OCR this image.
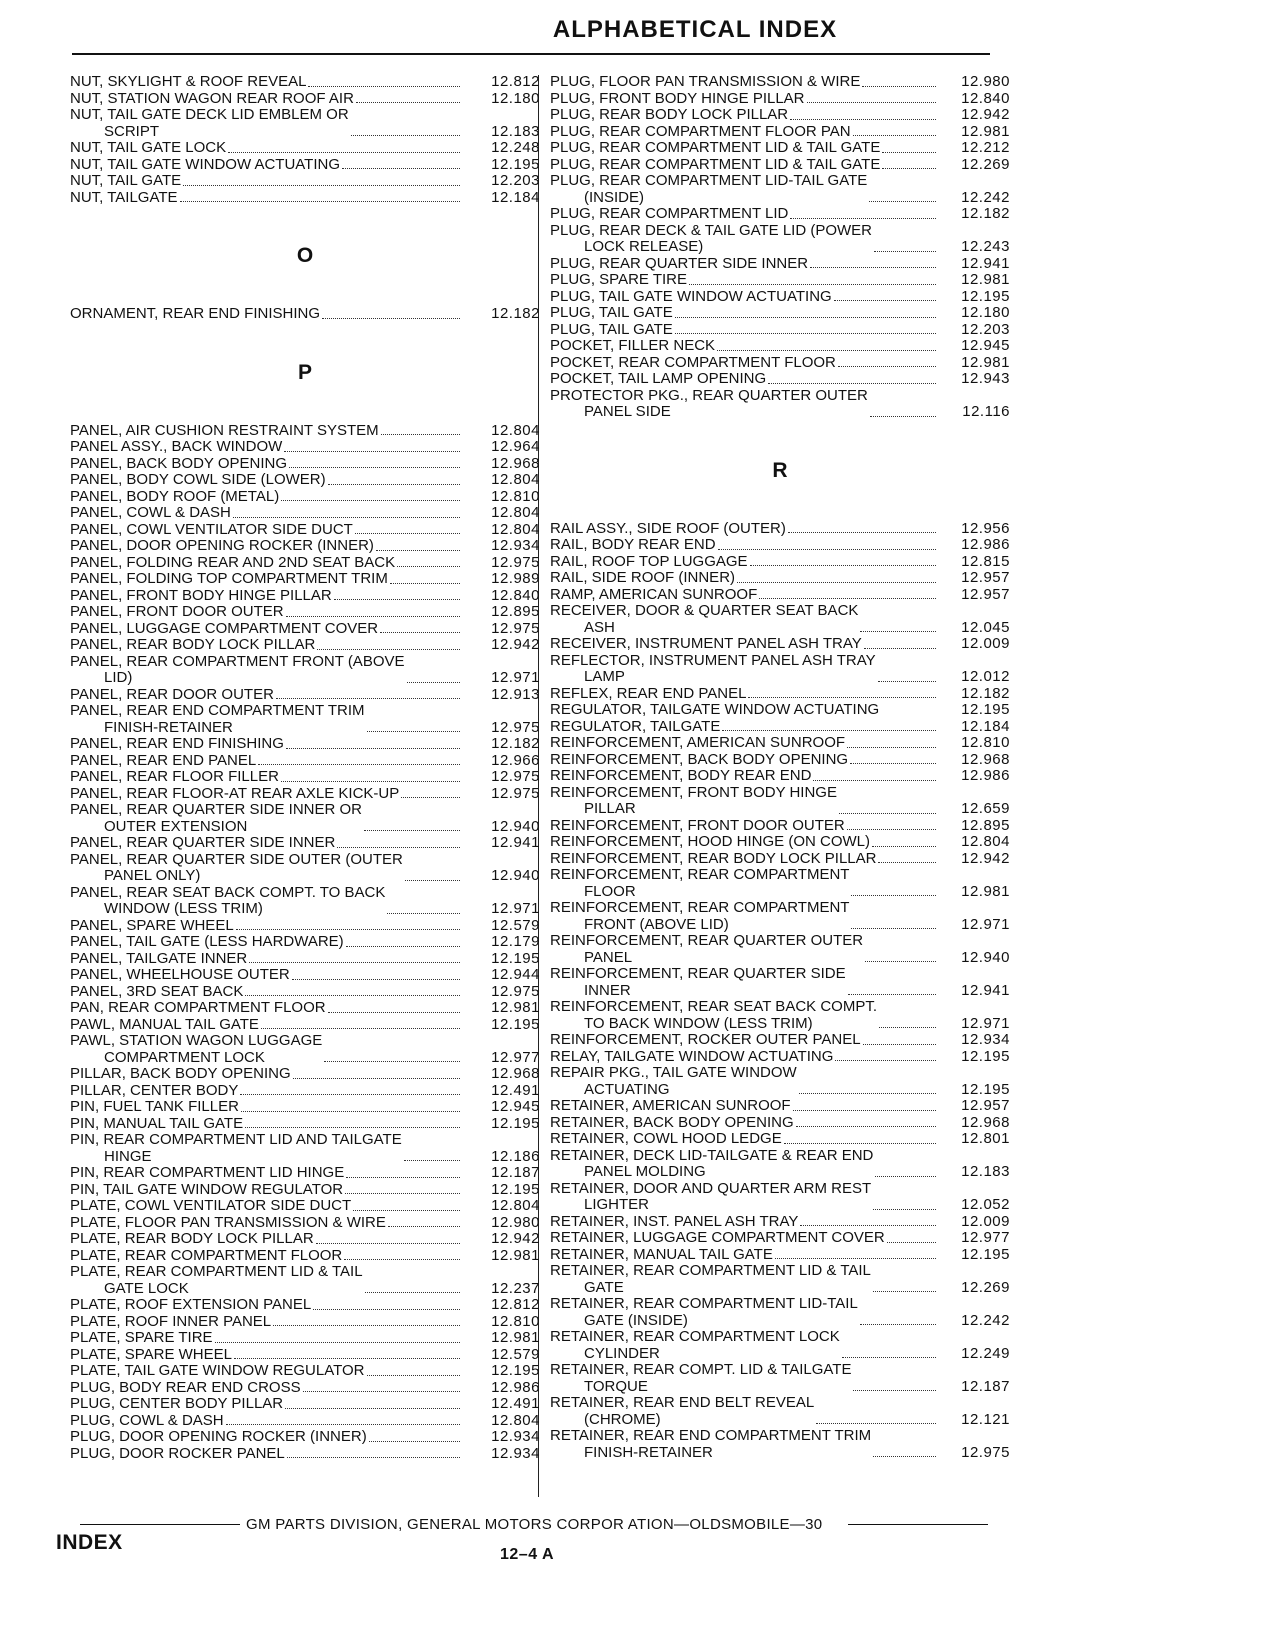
ALPHABETICAL INDEX
NUT, SKYLIGHT & ROOF REVEAL	12.812
NUT, STATION WAGON REAR ROOF AIR	12.180
NUT, TAIL GATE DECK LID EMBLEM OR
SCRIPT	12.183
NUT, TAIL GATE LOCK	12.248
NUT, TAIL GATE WINDOW ACTUATING	12.195
NUT, TAIL GATE	12.203
NUT, TAILGATE	12.184
O
ORNAMENT, REAR END FINISHING	12.182
P
PANEL, AIR CUSHION RESTRAINT SYSTEM	12.804
PANEL ASSY., BACK WINDOW	12.964
PANEL, BACK BODY OPENING	12.968
PANEL, BODY COWL SIDE (LOWER)	12.804
PANEL, BODY ROOF (METAL)	12.810
PANEL, COWL & DASH	12.804
PANEL, COWL VENTILATOR SIDE DUCT	12.804
PANEL, DOOR OPENING ROCKER (INNER)	12.934
PANEL, FOLDING REAR AND 2ND SEAT BACK	12.975
PANEL, FOLDING TOP COMPARTMENT TRIM	12.989
PANEL, FRONT BODY HINGE PILLAR	12.840
PANEL, FRONT DOOR OUTER	12.895
PANEL, LUGGAGE COMPARTMENT COVER	12.975
PANEL, REAR BODY LOCK PILLAR	12.942
PANEL, REAR COMPARTMENT FRONT (ABOVE
LID)	12.971
PANEL, REAR DOOR OUTER	12.913
PANEL, REAR END COMPARTMENT TRIM
FINISH-RETAINER	12.975
PANEL, REAR END FINISHING	12.182
PANEL, REAR END PANEL	12.966
PANEL, REAR FLOOR FILLER	12.975
PANEL, REAR FLOOR-AT REAR AXLE KICK-UP	12.975
PANEL, REAR QUARTER SIDE INNER OR
OUTER EXTENSION	12.940
PANEL, REAR QUARTER SIDE INNER	12.941
PANEL, REAR QUARTER SIDE OUTER (OUTER
PANEL ONLY)	12.940
PANEL, REAR SEAT BACK COMPT. TO BACK
WINDOW (LESS TRIM)	12.971
PANEL, SPARE WHEEL	12.579
PANEL, TAIL GATE (LESS HARDWARE)	12.179
PANEL, TAILGATE INNER	12.195
PANEL, WHEELHOUSE OUTER	12.944
PANEL, 3RD SEAT BACK	12.975
PAN, REAR COMPARTMENT FLOOR	12.981
PAWL, MANUAL TAIL GATE	12.195
PAWL, STATION WAGON LUGGAGE
COMPARTMENT LOCK	12.977
PILLAR, BACK BODY OPENING	12.968
PILLAR, CENTER BODY	12.491
PIN, FUEL TANK FILLER	12.945
PIN, MANUAL TAIL GATE	12.195
PIN, REAR COMPARTMENT LID AND TAILGATE
HINGE	12.186
PIN, REAR COMPARTMENT LID HINGE	12.187
PIN, TAIL GATE WINDOW REGULATOR	12.195
PLATE, COWL VENTILATOR SIDE DUCT	12.804
PLATE, FLOOR PAN TRANSMISSION & WIRE	12.980
PLATE, REAR BODY LOCK PILLAR	12.942
PLATE, REAR COMPARTMENT FLOOR	12.981
PLATE, REAR COMPARTMENT LID & TAIL
GATE LOCK	12.237
PLATE, ROOF EXTENSION PANEL	12.812
PLATE, ROOF INNER PANEL	12.810
PLATE, SPARE TIRE	12.981
PLATE, SPARE WHEEL	12.579
PLATE, TAIL GATE WINDOW REGULATOR	12.195
PLUG, BODY REAR END CROSS	12.986
PLUG, CENTER BODY PILLAR	12.491
PLUG, COWL & DASH	12.804
PLUG, DOOR OPENING ROCKER (INNER)	12.934
PLUG, DOOR ROCKER PANEL	12.934
PLUG, FLOOR PAN TRANSMISSION & WIRE	12.980
PLUG, FRONT BODY HINGE PILLAR	12.840
PLUG, REAR BODY LOCK PILLAR	12.942
PLUG, REAR COMPARTMENT FLOOR PAN	12.981
PLUG, REAR COMPARTMENT LID & TAIL GATE	12.212
PLUG, REAR COMPARTMENT LID & TAIL GATE	12.269
PLUG, REAR COMPARTMENT LID-TAIL GATE
(INSIDE)	12.242
PLUG, REAR COMPARTMENT LID	12.182
PLUG, REAR DECK & TAIL GATE LID (POWER
LOCK RELEASE)	12.243
PLUG, REAR QUARTER SIDE INNER	12.941
PLUG, SPARE TIRE	12.981
PLUG, TAIL GATE WINDOW ACTUATING	12.195
PLUG, TAIL GATE	12.180
PLUG, TAIL GATE	12.203
POCKET, FILLER NECK	12.945
POCKET, REAR COMPARTMENT FLOOR	12.981
POCKET, TAIL LAMP OPENING	12.943
PROTECTOR PKG., REAR QUARTER OUTER
PANEL SIDE	12.116
R
RAIL ASSY., SIDE ROOF (OUTER)	12.956
RAIL, BODY REAR END	12.986
RAIL, ROOF TOP LUGGAGE	12.815
RAIL, SIDE ROOF (INNER)	12.957
RAMP, AMERICAN SUNROOF	12.957
RECEIVER, DOOR & QUARTER SEAT BACK
ASH	12.045
RECEIVER, INSTRUMENT PANEL ASH TRAY	12.009
REFLECTOR, INSTRUMENT PANEL ASH TRAY
LAMP	12.012
REFLEX, REAR END PANEL	12.182
REGULATOR, TAILGATE WINDOW ACTUATING	12.195
REGULATOR, TAILGATE	12.184
REINFORCEMENT, AMERICAN SUNROOF	12.810
REINFORCEMENT, BACK BODY OPENING	12.968
REINFORCEMENT, BODY REAR END	12.986
REINFORCEMENT, FRONT BODY HINGE
PILLAR	12.659
REINFORCEMENT, FRONT DOOR OUTER	12.895
REINFORCEMENT, HOOD HINGE (ON COWL)	12.804
REINFORCEMENT, REAR BODY LOCK PILLAR	12.942
REINFORCEMENT, REAR COMPARTMENT
FLOOR	12.981
REINFORCEMENT, REAR COMPARTMENT
FRONT (ABOVE LID)	12.971
REINFORCEMENT, REAR QUARTER OUTER
PANEL	12.940
REINFORCEMENT, REAR QUARTER SIDE
INNER	12.941
REINFORCEMENT, REAR SEAT BACK COMPT.
TO BACK WINDOW (LESS TRIM)	12.971
REINFORCEMENT, ROCKER OUTER PANEL	12.934
RELAY, TAILGATE WINDOW ACTUATING	12.195
REPAIR PKG., TAIL GATE WINDOW
ACTUATING	12.195
RETAINER, AMERICAN SUNROOF	12.957
RETAINER, BACK BODY OPENING	12.968
RETAINER, COWL HOOD LEDGE	12.801
RETAINER, DECK LID-TAILGATE & REAR END
PANEL MOLDING	12.183
RETAINER, DOOR AND QUARTER ARM REST
LIGHTER	12.052
RETAINER, INST. PANEL ASH TRAY	12.009
RETAINER, LUGGAGE COMPARTMENT COVER	12.977
RETAINER, MANUAL TAIL GATE	12.195
RETAINER, REAR COMPARTMENT LID & TAIL
GATE	12.269
RETAINER, REAR COMPARTMENT LID-TAIL
GATE (INSIDE)	12.242
RETAINER, REAR COMPARTMENT LOCK
CYLINDER	12.249
RETAINER, REAR COMPT. LID & TAILGATE
TORQUE	12.187
RETAINER, REAR END BELT REVEAL
(CHROME)	12.121
RETAINER, REAR END COMPARTMENT TRIM
FINISH-RETAINER	12.975
GM PARTS DIVISION, GENERAL MOTORS CORPOR ATION—OLDSMOBILE—30
INDEX
12–4 A
